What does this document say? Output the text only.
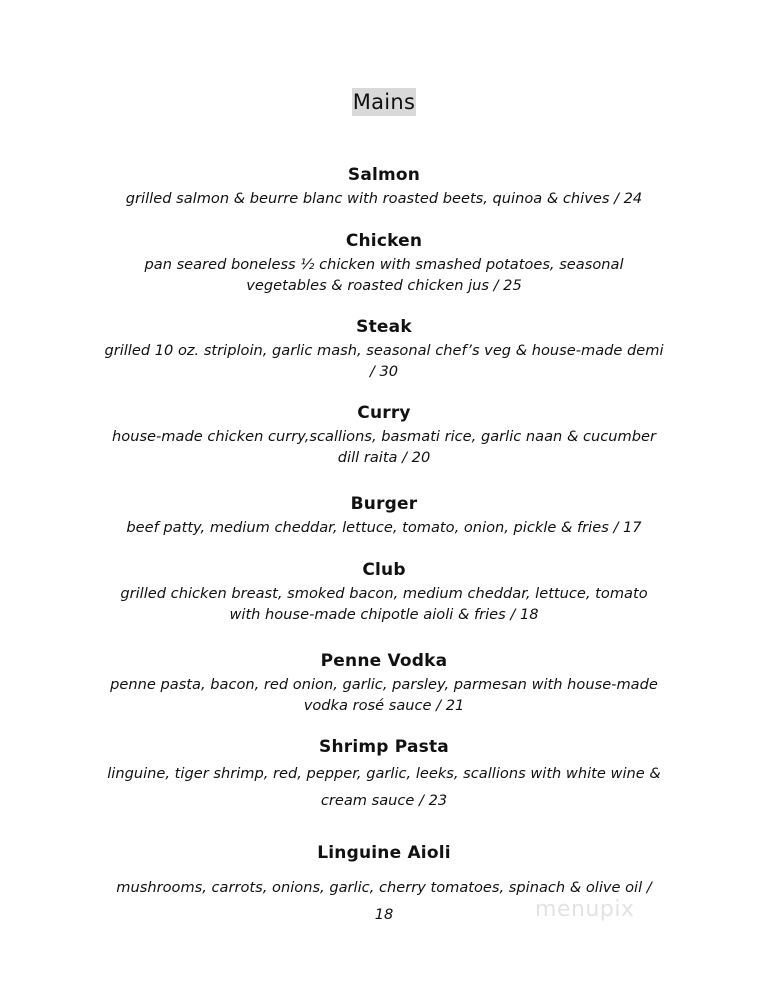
Mains
Salmon
grilled salmon & beurre blanc with roasted beets, quinoa & chives / 24
Chicken
pan seared boneless ½ chicken with smashed potatoes, seasonal
vegetables & roasted chicken jus / 25
Steak
grilled 10 oz. striploin, garlic mash, seasonal chef’s veg & house-made demi
/ 30
Curry
house-made chicken curry,scallions, basmati rice, garlic naan & cucumber
dill raita / 20
Burger
beef patty, medium cheddar, lettuce, tomato, onion, pickle & fries / 17
Club
grilled chicken breast, smoked bacon, medium cheddar, lettuce, tomato
with house-made chipotle aioli & fries / 18
Penne Vodka
penne pasta, bacon, red onion, garlic, parsley, parmesan with house-made
vodka rosé sauce / 21
Shrimp Pasta
linguine, tiger shrimp, red, pepper, garlic, leeks, scallions with white wine &
cream sauce / 23
Linguine Aioli
mushrooms, carrots, onions, garlic, cherry tomatoes, spinach & olive oil /
18	menupix
